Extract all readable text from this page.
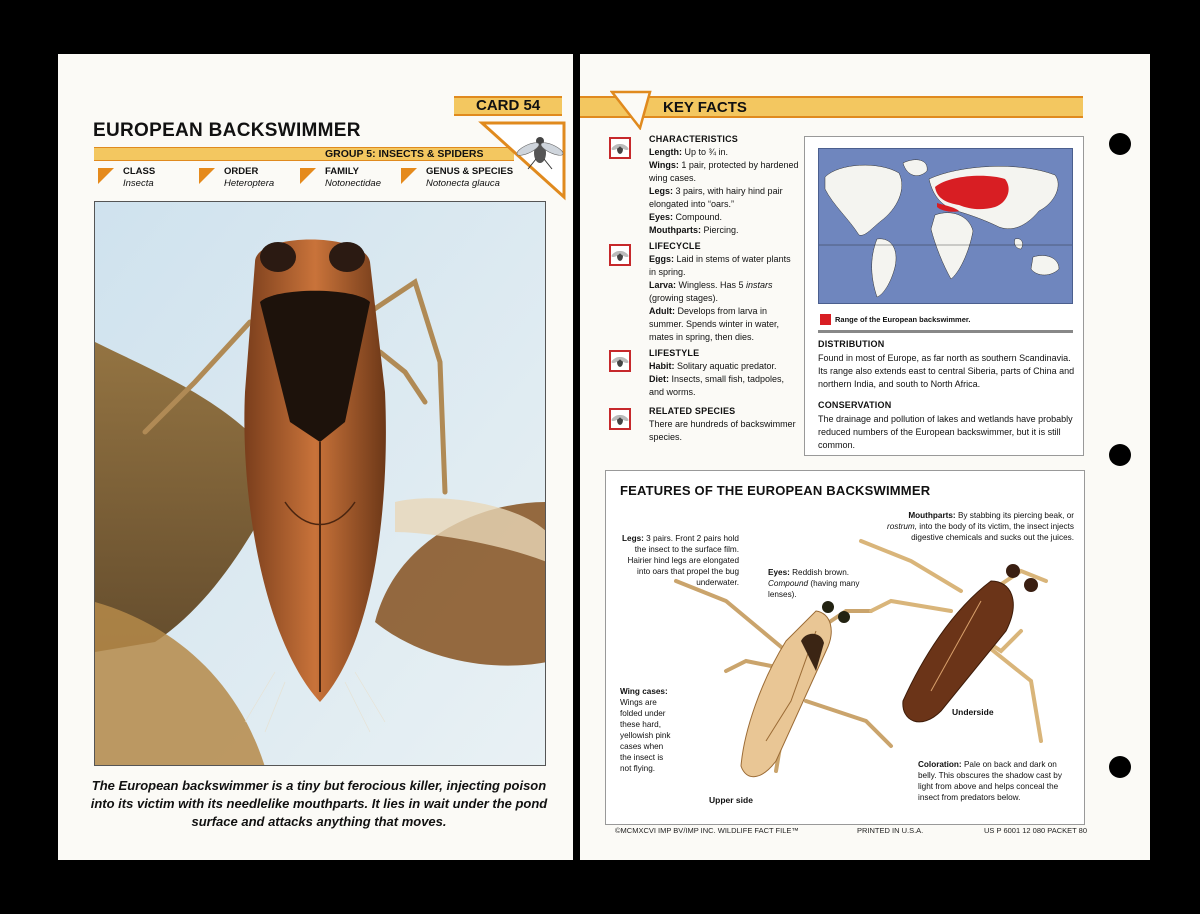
CARD 54
EUROPEAN BACKSWIMMER
GROUP 5: INSECTS & SPIDERS
CLASS
Insecta
ORDER
Heteroptera
FAMILY
Notonectidae
GENUS & SPECIES
Notonecta glauca
The European backswimmer is a tiny but ferocious killer, injecting poison into its victim with its needlelike mouthparts. It lies in wait under the pond surface and attacks anything that moves.
KEY FACTS
CHARACTERISTICS
Length: Up to ¾ in.
Wings: 1 pair, protected by hardened wing cases.
Legs: 3 pairs, with hairy hind pair elongated into “oars.”
Eyes: Compound.
Mouthparts: Piercing.
LIFECYCLE
Eggs: Laid in stems of water plants in spring.
Larva: Wingless. Has 5 instars (growing stages).
Adult: Develops from larva in summer. Spends winter in water, mates in spring, then dies.
LIFESTYLE
Habit: Solitary aquatic predator.
Diet: Insects, small fish, tadpoles, and worms.
RELATED SPECIES
There are hundreds of backswimmer species.
Range of the European backswimmer.
DISTRIBUTION
Found in most of Europe, as far north as southern Scandinavia. Its range also extends east to central Siberia, parts of China and northern India, and south to North Africa.
CONSERVATION
The drainage and pollution of lakes and wetlands have probably reduced numbers of the European backswimmer, but it is still common.
FEATURES OF THE EUROPEAN BACKSWIMMER
Legs: 3 pairs. Front 2 pairs hold the insect to the surface film. Hairier hind legs are elongated into oars that propel the bug underwater.
Eyes: Reddish brown. Compound (having many lenses).
Mouthparts: By stabbing its piercing beak, or rostrum, into the body of its victim, the insect injects digestive chemicals and sucks out the juices.
Wing cases: Wings are folded under these hard, yellowish pink cases when the insect is not flying.	Coloration: Pale on back and dark on belly. This obscures the shadow cast by light from above and helps conceal the insect from predators below.
Upper side
Underside
©MCMXCVI IMP BV/IMP INC. WILDLIFE FACT FILE™	PRINTED IN U.S.A.	US P 6001 12 080 PACKET 80
